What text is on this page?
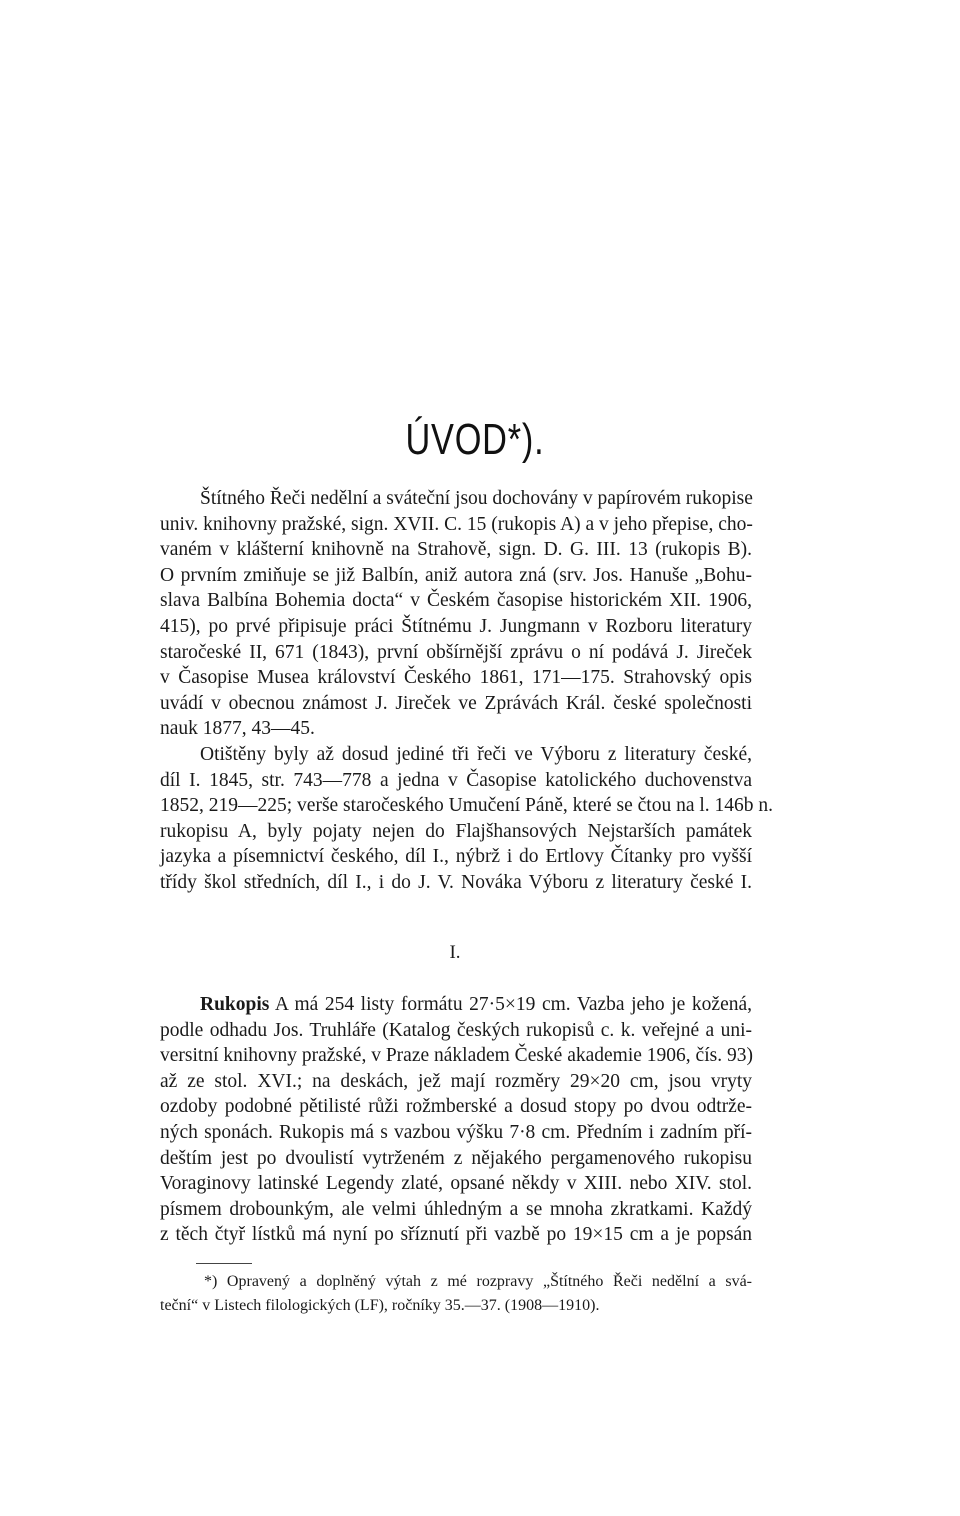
ÚVOD*).
Štítného Řeči nedělní a sváteční jsou dochovány v papírovém rukopise
univ. knihovny pražské, sign. XVII. C. 15 (rukopis A) a v jeho přepise, cho-
vaném v klášterní knihovně na Strahově, sign. D. G. III. 13 (rukopis B).
O prvním zmiňuje se již Balbín, aniž autora zná (srv. Jos. Hanuše „Bohu-
slava Balbína Bohemia docta“ v Českém časopise historickém XII. 1906,
415), po prvé připisuje práci Štítnému J. Jungmann v Rozboru literatury
staročeské II, 671 (1843), první obšírnější zprávu o ní podává J. Jireček
v Časopise Musea království Českého 1861, 171—175. Strahovský opis
uvádí v obecnou známost J. Jireček ve Zprávách Král. české společnosti
nauk 1877, 43—45.
Otištěny byly až dosud jediné tři řeči ve Výboru z literatury české,
díl I. 1845, str. 743—778 a jedna v Časopise katolického duchovenstva
1852, 219—225; verše staročeského Umučení Páně, které se čtou na l. 146b n.
rukopisu A, byly pojaty nejen do Flajšhansových Nejstarších památek
jazyka a písemnictví českého, díl I., nýbrž i do Ertlovy Čítanky pro vyšší
třídy škol středních, díl I., i do J. V. Nováka Výboru z literatury české I.
I.
Rukopis A má 254 listy formátu 27·5×19 cm. Vazba jeho je kožená,
podle odhadu Jos. Truhláře (Katalog českých rukopisů c. k. veřejné a uni-
versitní knihovny pražské, v Praze nákladem České akademie 1906, čís. 93)
až ze stol. XVI.; na deskách, jež mají rozměry 29×20 cm, jsou vryty
ozdoby podobné pětilisté růži rožmberské a dosud stopy po dvou odtrže-
ných sponách. Rukopis má s vazbou výšku 7·8 cm. Předním i zadním pří-
deštím jest po dvoulistí vytrženém z nějakého pergamenového rukopisu
Voraginovy latinské Legendy zlaté, opsané někdy v XIII. nebo XIV. stol.
písmem drobounkým, ale velmi úhledným a se mnoha zkratkami. Každý
z těch čtyř lístků má nyní po sříznutí při vazbě po 19×15 cm a je popsán
*) Opravený a doplněný výtah z mé rozpravy „Štítného Řeči nedělní a svá-
teční“ v Listech filologických (LF), ročníky 35.—37. (1908—1910).
